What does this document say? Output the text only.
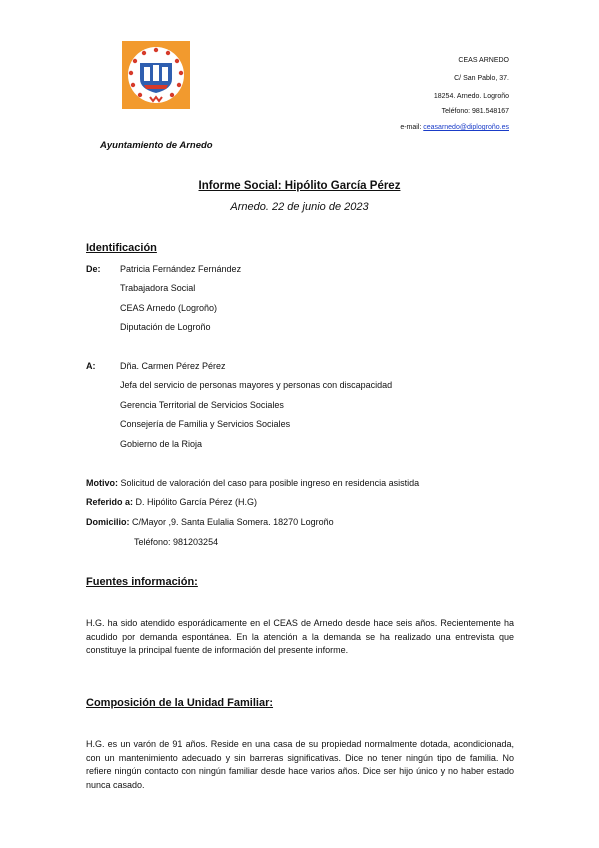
CEAS ARNEDO
C/ San Pablo, 37.
18254. Arnedo. Logroño
Teléfono: 981.548167
e-mail: ceasarnedo@diplogroño.es
Ayuntamiento de Arnedo
Informe Social: Hipólito García Pérez
Arnedo. 22 de junio de 2023
Identificación
De: Patricia Fernández Fernández
Trabajadora Social
CEAS Arnedo (Logroño)
Diputación de Logroño
A:	Dña. Carmen Pérez Pérez
Jefa del servicio de personas mayores y personas con discapacidad
Gerencia Territorial de Servicios Sociales
Consejería de Familia y Servicios Sociales
Gobierno de la Rioja
Motivo: Solicitud de valoración del caso para posible ingreso en residencia asistida
Referido a: D. Hipólito García Pérez (H.G)
Domicilio: C/Mayor ,9. Santa Eulalia Somera. 18270 Logroño
Teléfono: 981203254
Fuentes información:
H.G. ha sido atendido esporádicamente en el CEAS de Arnedo desde hace seis años. Recientemente ha acudido por demanda espontánea. En la atención a la demanda se ha realizado una entrevista que constituye la principal fuente de información del presente informe.
Composición de la Unidad Familiar:
H.G. es un varón de 91 años. Reside en una casa de su propiedad normalmente dotada, acondicionada, con un mantenimiento adecuado y sin barreras significativas. Dice no tener ningún tipo de familia. No refiere ningún contacto con ningún familiar desde hace varios años. Dice ser hijo único y no haber estado nunca casado.
